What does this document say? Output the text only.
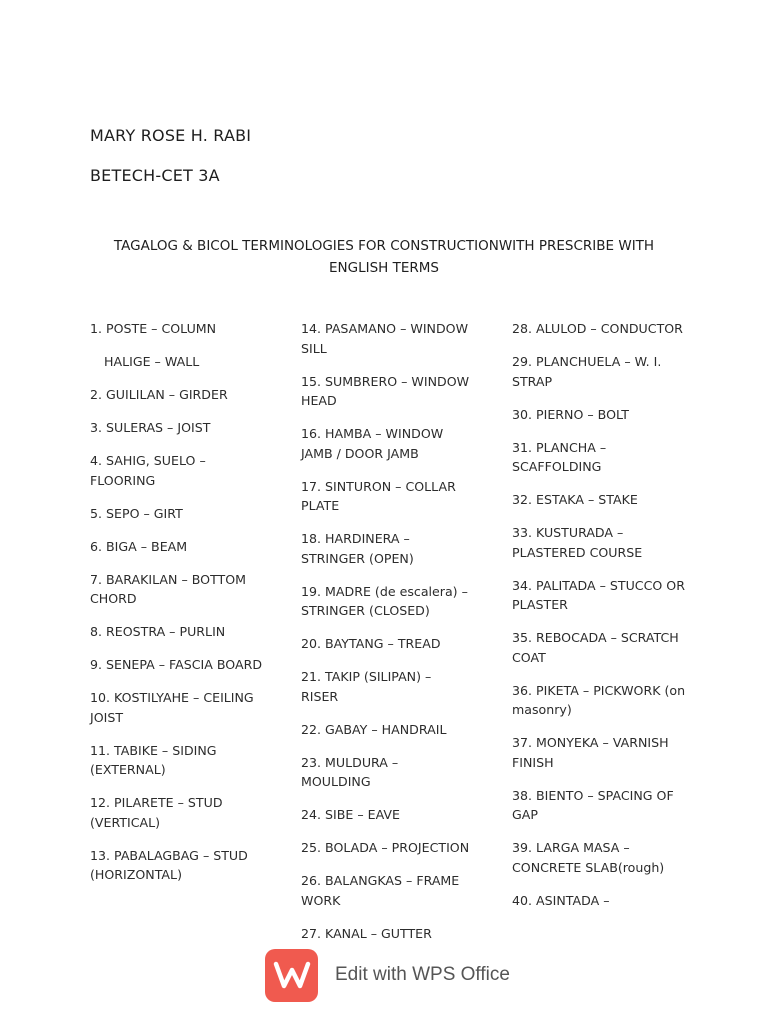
MARY ROSE H. RABI
BETECH-CET 3A
TAGALOG & BICOL TERMINOLOGIES FOR CONSTRUCTIONWITH PRESCRIBE WITH ENGLISH TERMS
1. POSTE – COLUMN
HALIGE – WALL
2. GUILILAN – GIRDER
3. SULERAS – JOIST
4. SAHIG, SUELO – FLOORING
5. SEPO – GIRT
6. BIGA – BEAM
7. BARAKILAN – BOTTOM CHORD
8. REOSTRA – PURLIN
9. SENEPA – FASCIA BOARD
10. KOSTILYAHE – CEILING JOIST
11. TABIKE – SIDING (EXTERNAL)
12. PILARETE – STUD (VERTICAL)
13. PABALAGBAG – STUD (HORIZONTAL)
14. PASAMANO – WINDOW SILL
15. SUMBRERO – WINDOW HEAD
16. HAMBA – WINDOW JAMB / DOOR JAMB
17. SINTURON – COLLAR PLATE
18. HARDINERA – STRINGER (OPEN)
19. MADRE (de escalera) – STRINGER (CLOSED)
20. BAYTANG – TREAD
21. TAKIP (SILIPAN) – RISER
22. GABAY – HANDRAIL
23. MULDURA – MOULDING
24. SIBE – EAVE
25. BOLADA – PROJECTION
26. BALANGKAS – FRAME WORK
27. KANAL – GUTTER
28. ALULOD – CONDUCTOR
29. PLANCHUELA – W. I. STRAP
30. PIERNO – BOLT
31. PLANCHA – SCAFFOLDING
32. ESTAKA – STAKE
33. KUSTURADA – PLASTERED COURSE
34. PALITADA – STUCCO OR PLASTER
35. REBOCADA – SCRATCH COAT
36. PIKETA – PICKWORK (on masonry)
37. MONYEKA – VARNISH FINISH
38. BIENTO – SPACING OF GAP
39. LARGA MASA – CONCRETE SLAB(rough)
40. ASINTADA –
Edit with WPS Office
